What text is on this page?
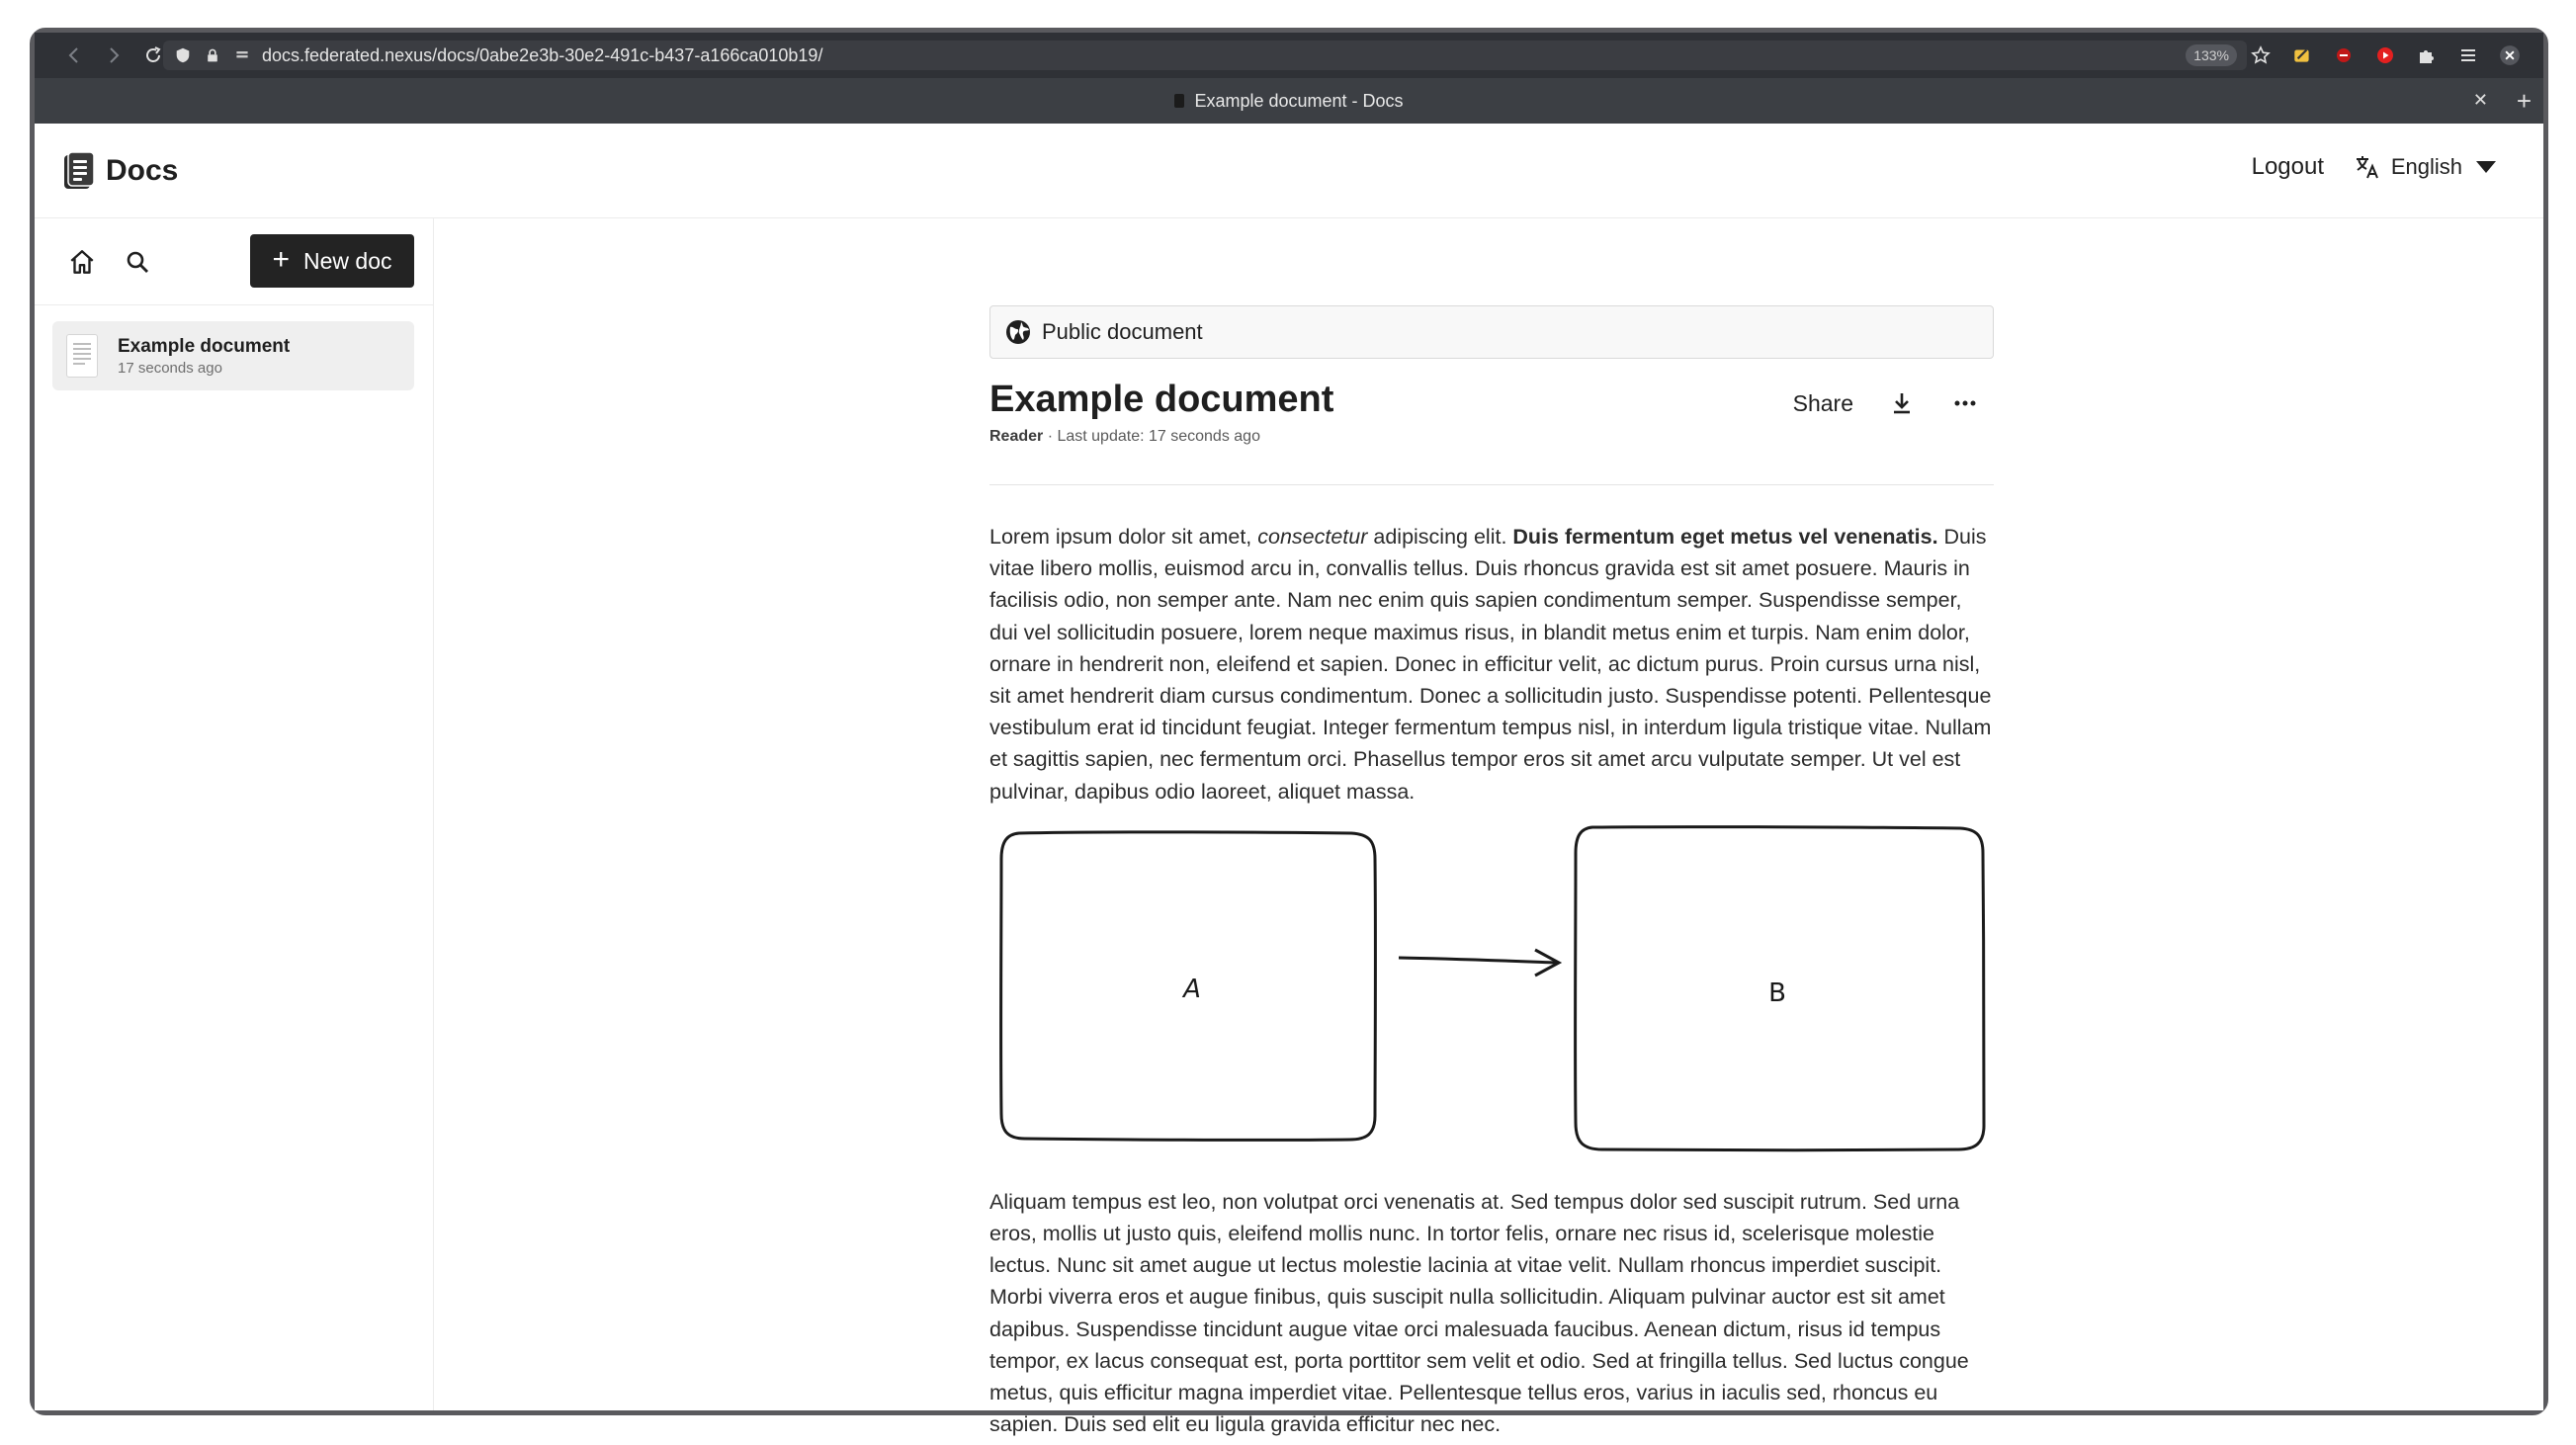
docs.federated.nexus/docs/0abe2e3b-30e2-491c-b437-a166ca010b19/	133%
Example document - Docs	✕ +
Docs	Logout	English
+ New doc
Example document
17 seconds ago
Public document
Example document
Reader · Last update: 17 seconds ago
Share

Lorem ipsum dolor sit amet, consectetur adipiscing elit. Duis fermentum eget metus vel venenatis. Duis vitae libero mollis, euismod arcu in, convallis tellus. Duis rhoncus gravida est sit amet posuere. Mauris in facilisis odio, non semper ante. Nam nec enim quis sapien condimentum semper. Suspendisse semper, dui vel sollicitudin posuere, lorem neque maximus risus, in blandit metus enim et turpis. Nam enim dolor, ornare in hendrerit non, eleifend et sapien. Donec in efficitur velit, ac dictum purus. Proin cursus urna nisl, sit amet hendrerit diam cursus condimentum. Donec a sollicitudin justo. Suspendisse potenti. Pellentesque vestibulum erat id tincidunt feugiat. Integer fermentum tempus nisl, in interdum ligula tristique vitae. Nullam et sagittis sapien, nec fermentum orci. Phasellus tempor eros sit amet arcu vulputate semper. Ut vel est pulvinar, dapibus odio laoreet, aliquet massa.

A	B

Aliquam tempus est leo, non volutpat orci venenatis at. Sed tempus dolor sed suscipit rutrum. Sed urna eros, mollis ut justo quis, eleifend mollis nunc. In tortor felis, ornare nec risus id, scelerisque molestie lectus. Nunc sit amet augue ut lectus molestie lacinia at vitae velit. Nullam rhoncus imperdiet suscipit. Morbi viverra eros et augue finibus, quis suscipit nulla sollicitudin. Aliquam pulvinar auctor est sit amet dapibus. Suspendisse tincidunt augue vitae orci malesuada faucibus. Aenean dictum, risus id tempus tempor, ex lacus consequat est, porta porttitor sem velit et odio. Sed at fringilla tellus. Sed luctus congue metus, quis efficitur magna imperdiet vitae. Pellentesque tellus eros, varius in iaculis sed, rhoncus eu sapien. Duis sed elit eu ligula gravida efficitur nec nec.
